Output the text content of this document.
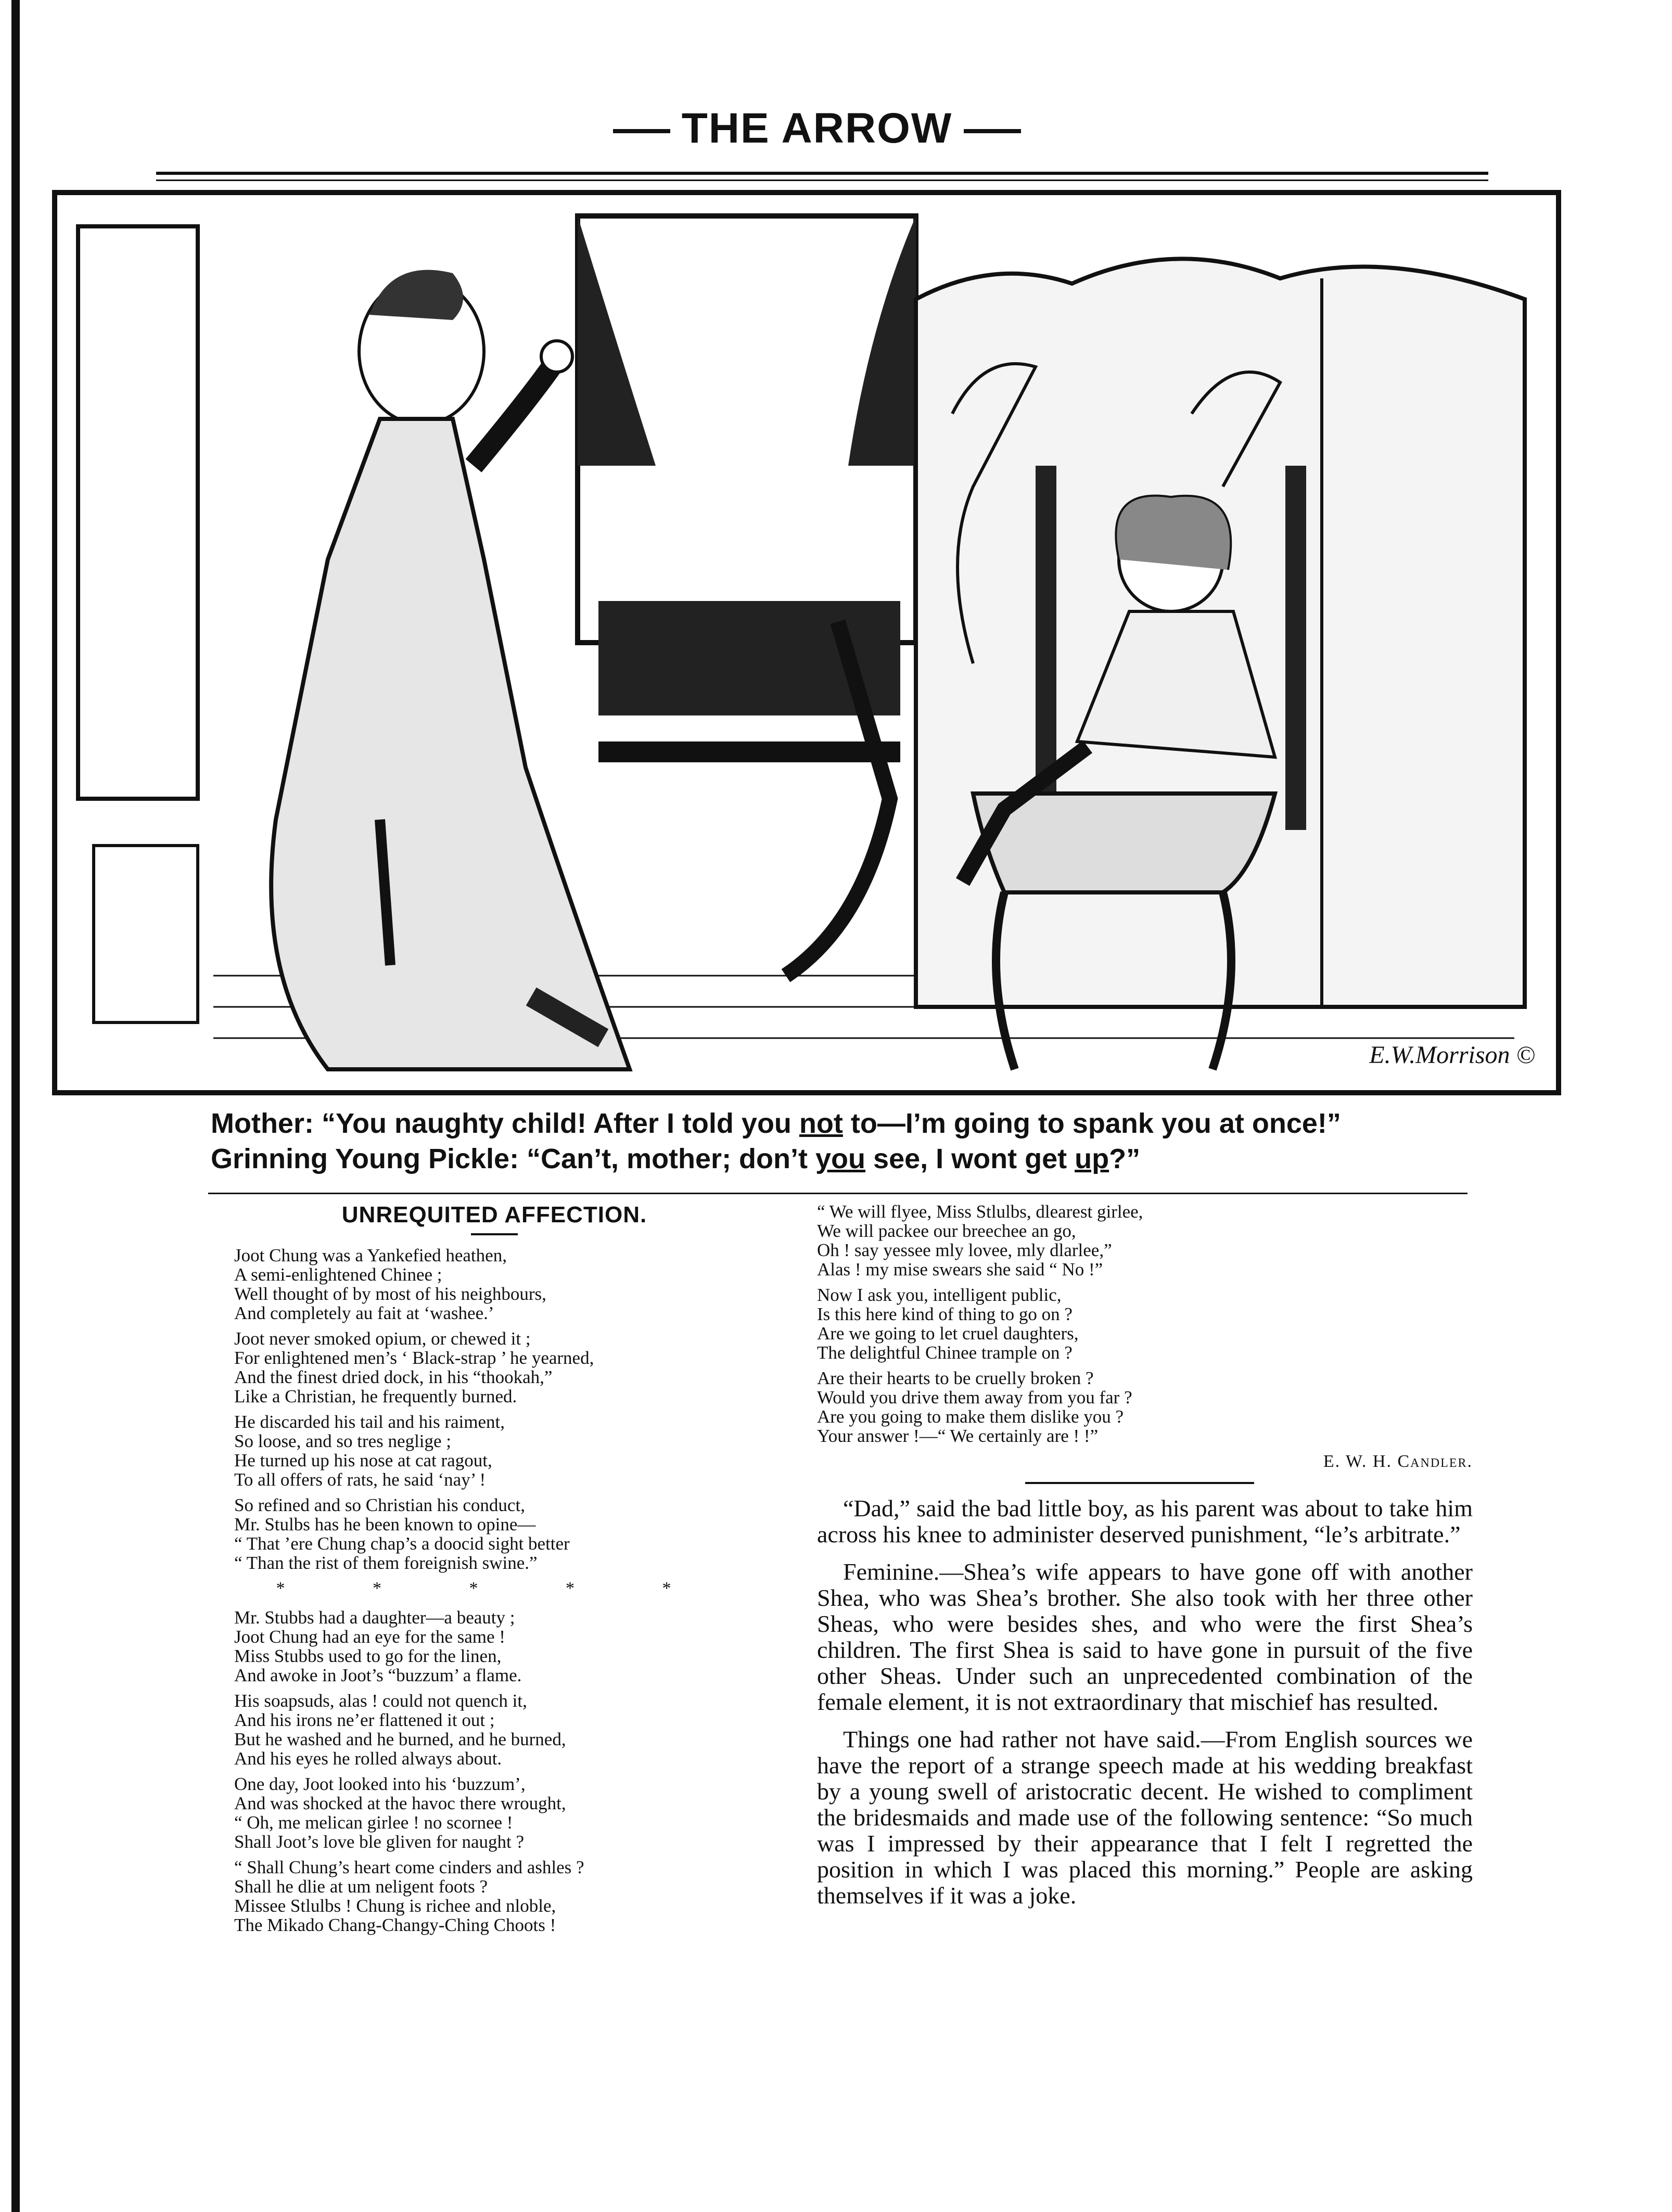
THE ARROW
E.W.Morrison ©
Mother: “You naughty child! After I told you not to—I’m going to spank you at once!”
Grinning Young Pickle: “Can’t, mother; don’t you see, I wont get up?”
UNREQUITED AFFECTION.
Joot Chung was a Yankefied heathen,
A semi-enlightened Chinee ;
Well thought of by most of his neighbours,
And completely au fait at ‘washee.’
Joot never smoked opium, or chewed it ;
For enlightened men’s ‘ Black-strap ’ he yearned,
And the finest dried dock, in his “thookah,”
Like a Christian, he frequently burned.
He discarded his tail and his raiment,
So loose, and so tres neglige ;
He turned up his nose at cat ragout,
To all offers of rats, he said ‘nay’ !
So refined and so Christian his conduct,
Mr. Stulbs has he been known to opine—
“ That ’ere Chung chap’s a doocid sight better
“ Than the rist of them foreignish swine.”
* * * * *
Mr. Stubbs had a daughter—a beauty ;
Joot Chung had an eye for the same !
Miss Stubbs used to go for the linen,
And awoke in Joot’s “buzzum’ a flame.
His soapsuds, alas ! could not quench it,
And his irons ne’er flattened it out ;
But he washed and he burned, and he burned,
And his eyes he rolled always about.
One day, Joot looked into his ‘buzzum’,
And was shocked at the havoc there wrought,
“ Oh, me melican girlee ! no scornee !
Shall Joot’s love ble gliven for naught ?
“ Shall Chung’s heart come cinders and ashles ?
Shall he dlie at um neligent foots ?
Missee Stlulbs ! Chung is richee and nloble,
The Mikado Chang-Changy-Ching Choots !
“ We will flyee, Miss Stlulbs, dlearest girlee,
We will packee our breechee an go,
Oh ! say yessee mly lovee, mly dlarlee,”
Alas ! my mise swears she said “ No !”
Now I ask you, intelligent public,
Is this here kind of thing to go on ?
Are we going to let cruel daughters,
The delightful Chinee trample on ?
Are their hearts to be cruelly broken ?
Would you drive them away from you far ?
Are you going to make them dislike you ?
Your answer !—“ We certainly are ! !”
E. W. H. Candler.

“Dad,” said the bad little boy, as his parent was about to take him across his knee to administer deserved punishment, “le’s arbitrate.”

Feminine.—Shea’s wife appears to have gone off with another Shea, who was Shea’s brother. She also took with her three other Sheas, who were besides shes, and who were the first Shea’s children. The first Shea is said to have gone in pursuit of the five other Sheas. Under such an unprecedented combination of the female element, it is not extraordinary that mischief has resulted.

Things one had rather not have said.—From English sources we have the report of a strange speech made at his wedding breakfast by a young swell of aristocratic decent. He wished to compliment the bridesmaids and made use of the following sentence: “So much was I impressed by their appearance that I felt I regretted the position in which I was placed this morning.” People are asking themselves if it was a joke.
